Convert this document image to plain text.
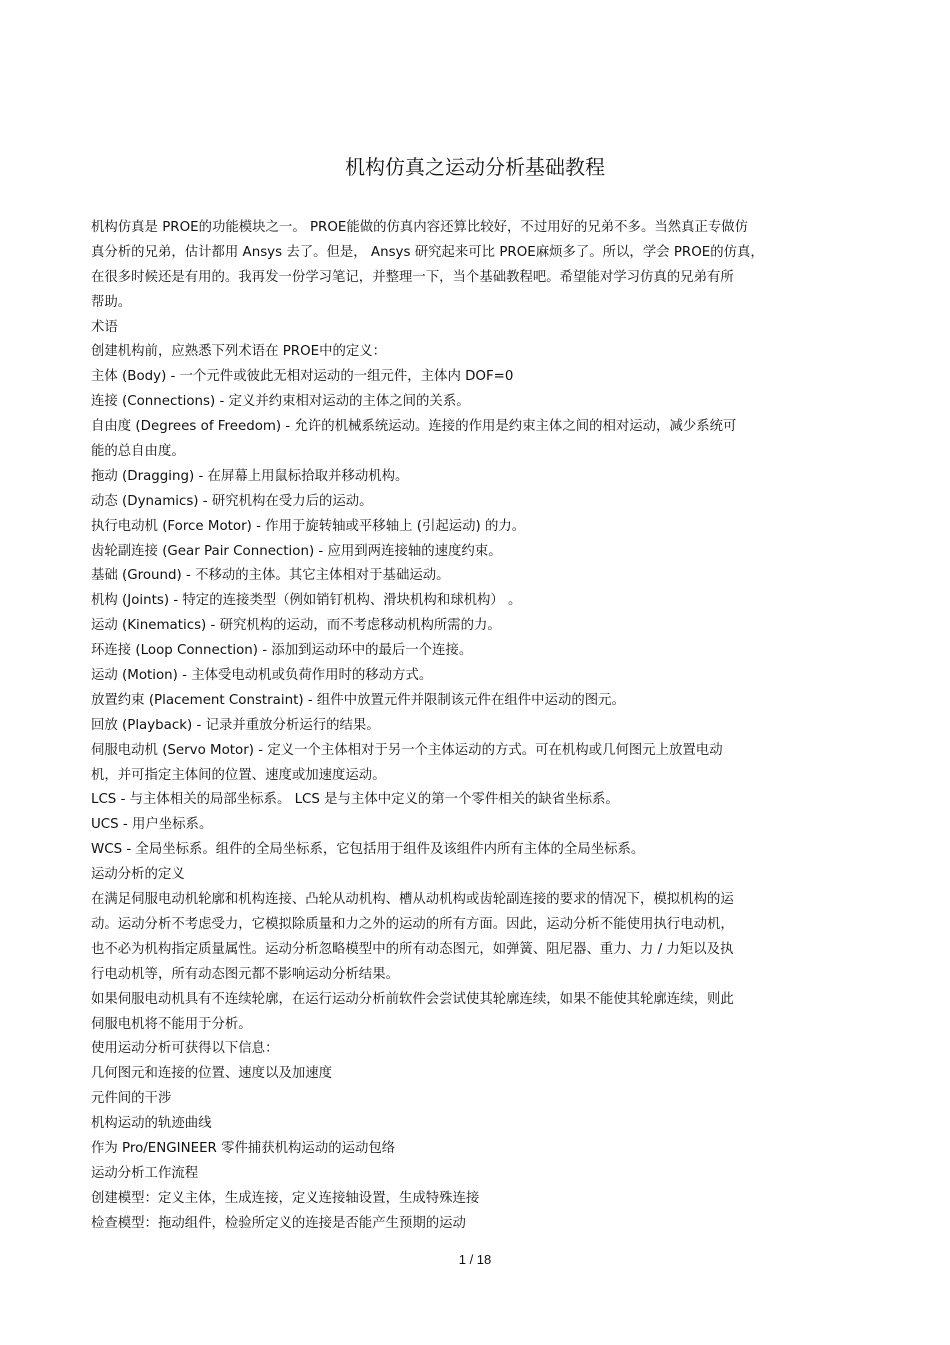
机构仿真之运动分析基础教程

机构仿真是 PROE的功能模块之一。 PROE能做的仿真内容还算比较好，不过用好的兄弟不多。当然真正专做仿

真分析的兄弟，估计都用 Ansys 去了。但是， Ansys 研究起来可比 PROE麻烦多了。所以，学会 PROE的仿真，

在很多时候还是有用的。我再发一份学习笔记，并整理一下，当个基础教程吧。希望能对学习仿真的兄弟有所

帮助。

术语

创建机构前，应熟悉下列术语在 PROE中的定义：

主体 (Body) - 一个元件或彼此无相对运动的一组元件，主体内 DOF=0

连接 (Connections) - 定义并约束相对运动的主体之间的关系。

自由度 (Degrees of Freedom) - 允许的机械系统运动。连接的作用是约束主体之间的相对运动，减少系统可

能的总自由度。

拖动 (Dragging) - 在屏幕上用鼠标拾取并移动机构。

动态 (Dynamics) - 研究机构在受力后的运动。

执行电动机 (Force Motor) - 作用于旋转轴或平移轴上 (引起运动) 的力。

齿轮副连接 (Gear Pair Connection) - 应用到两连接轴的速度约束。

基础 (Ground) - 不移动的主体。其它主体相对于基础运动。

机构 (Joints) - 特定的连接类型（例如销钉机构、滑块机构和球机构） 。

运动 (Kinematics) - 研究机构的运动，而不考虑移动机构所需的力。

环连接 (Loop Connection) - 添加到运动环中的最后一个连接。

运动 (Motion) - 主体受电动机或负荷作用时的移动方式。

放置约束 (Placement Constraint) - 组件中放置元件并限制该元件在组件中运动的图元。

回放 (Playback) - 记录并重放分析运行的结果。

伺服电动机 (Servo Motor) - 定义一个主体相对于另一个主体运动的方式。可在机构或几何图元上放置电动

机，并可指定主体间的位置、速度或加速度运动。

LCS - 与主体相关的局部坐标系。 LCS 是与主体中定义的第一个零件相关的缺省坐标系。

UCS - 用户坐标系。

WCS - 全局坐标系。组件的全局坐标系，它包括用于组件及该组件内所有主体的全局坐标系。

运动分析的定义

在满足伺服电动机轮廓和机构连接、凸轮从动机构、槽从动机构或齿轮副连接的要求的情况下，模拟机构的运

动。运动分析不考虑受力，它模拟除质量和力之外的运动的所有方面。因此，运动分析不能使用执行电动机，

也不必为机构指定质量属性。运动分析忽略模型中的所有动态图元，如弹簧、阻尼器、重力、力 / 力矩以及执

行电动机等，所有动态图元都不影响运动分析结果。

如果伺服电动机具有不连续轮廓，在运行运动分析前软件会尝试使其轮廓连续，如果不能使其轮廓连续，则此

伺服电机将不能用于分析。

使用运动分析可获得以下信息：

几何图元和连接的位置、速度以及加速度

元件间的干涉

机构运动的轨迹曲线

作为 Pro/ENGINEER 零件捕获机构运动的运动包络

运动分析工作流程

创建模型：定义主体，生成连接，定义连接轴设置，生成特殊连接

检查模型：拖动组件，检验所定义的连接是否能产生预期的运动

1 / 18
